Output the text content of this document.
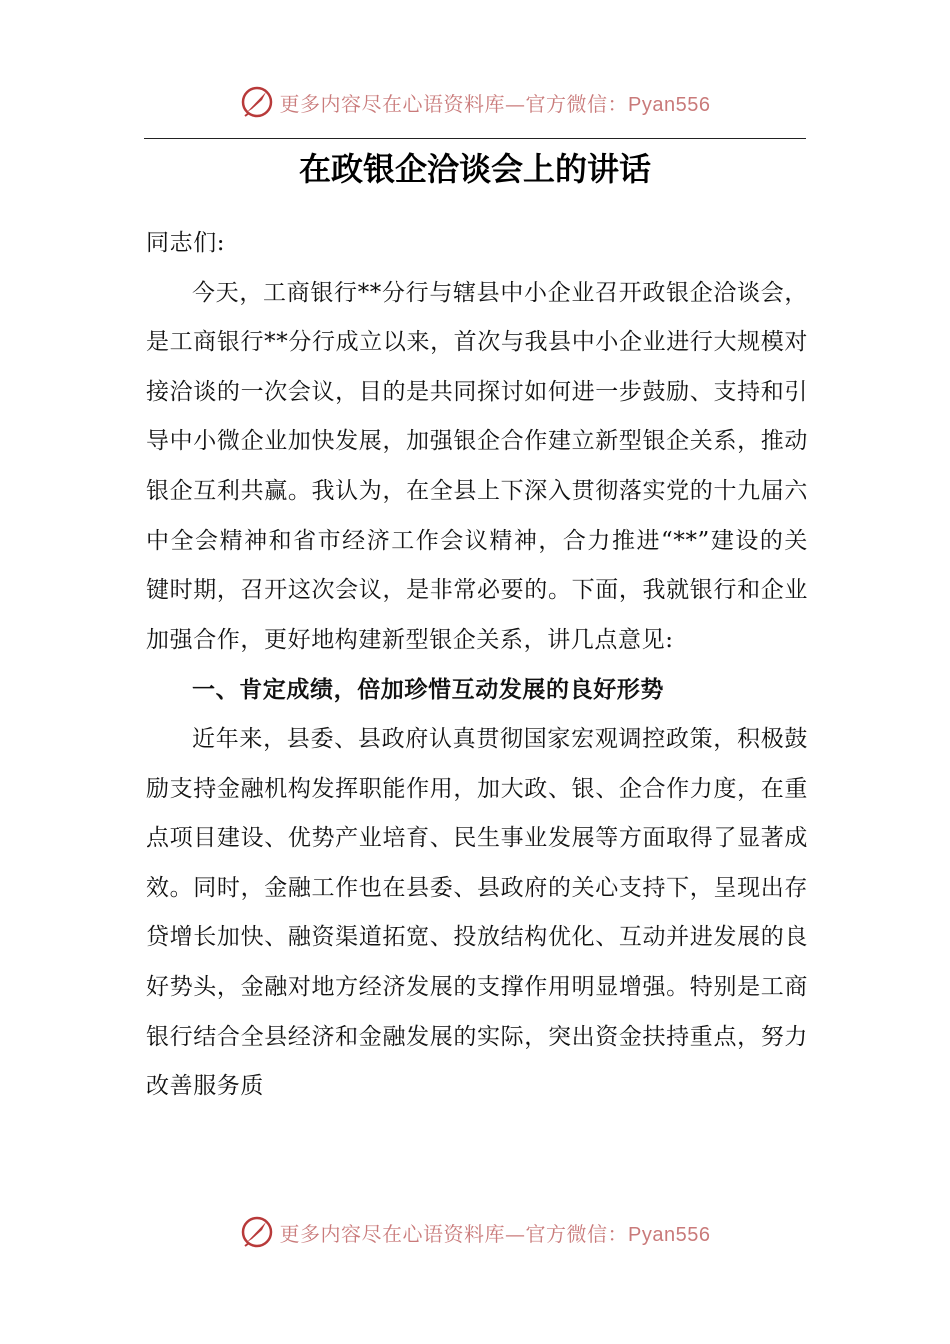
更多内容尽在心语资料库—官方微信：Pyan556
在政银企洽谈会上的讲话

同志们:

今天，工商银行**分行与辖县中小企业召开政银企洽谈会，是工商银行**分行成立以来，首次与我县中小企业进行大规模对接洽谈的一次会议，目的是共同探讨如何进一步鼓励、支持和引导中小微企业加快发展，加强银企合作建立新型银企关系，推动银企互利共赢。我认为，在全县上下深入贯彻落实党的十九届六中全会精神和省市经济工作会议精神，合力推进“**”建设的关键时期，召开这次会议，是非常必要的。下面，我就银行和企业加强合作，更好地构建新型银企关系，讲几点意见:

一、肯定成绩，倍加珍惜互动发展的良好形势

近年来，县委、县政府认真贯彻国家宏观调控政策，积极鼓励支持金融机构发挥职能作用，加大政、银、企合作力度，在重点项目建设、优势产业培育、民生事业发展等方面取得了显著成效。同时，金融工作也在县委、县政府的关心支持下，呈现出存贷增长加快、融资渠道拓宽、投放结构优化、互动并进发展的良好势头，金融对地方经济发展的支撑作用明显增强。特别是工商银行结合全县经济和金融发展的实际，突出资金扶持重点，努力改善服务质

更多内容尽在心语资料库—官方微信：Pyan556
